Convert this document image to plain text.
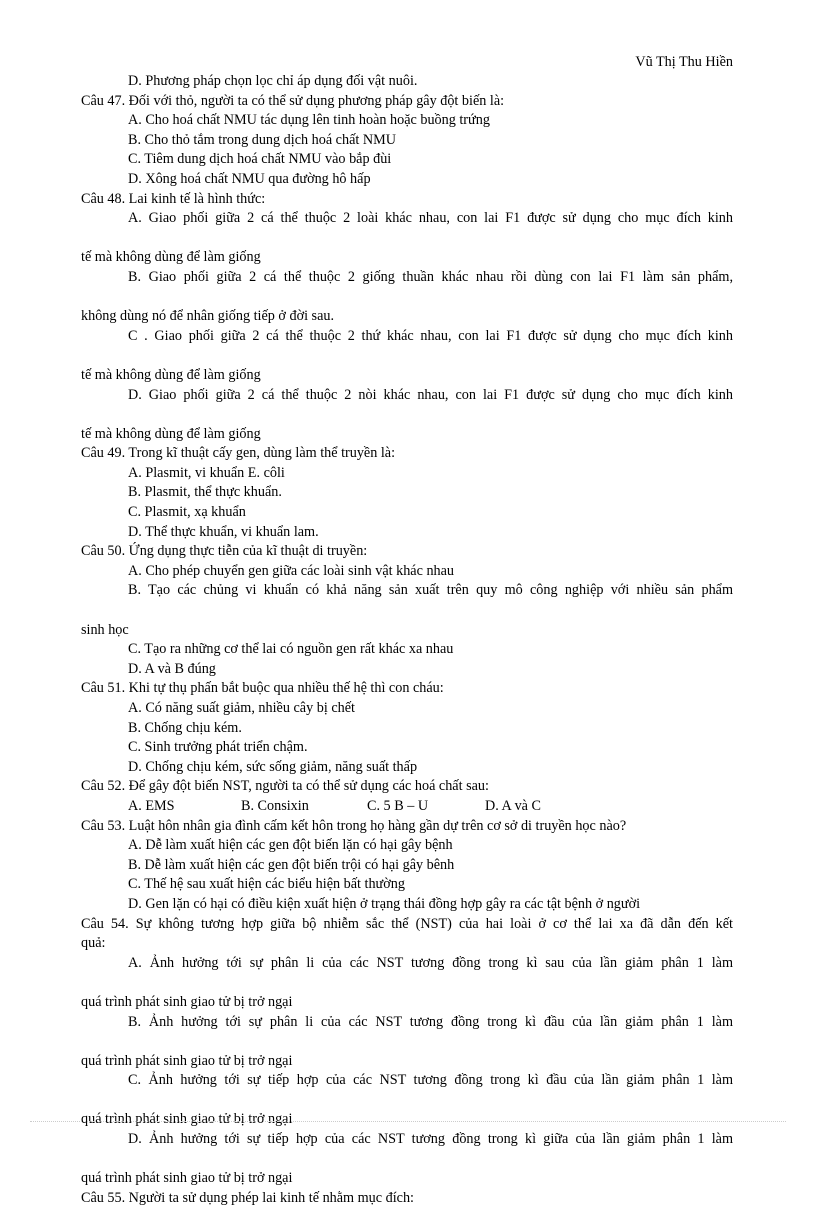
Vũ Thị Thu Hiền

D. Phương pháp chọn lọc chỉ áp dụng đối vật nuôi.

Câu 47. Đối với thỏ, người ta có thể sử dụng phương pháp gây đột biến là:

A. Cho hoá chất NMU tác dụng lên tinh hoàn hoặc buồng trứng

B. Cho thỏ tắm trong dung dịch hoá chất NMU

C. Tiêm dung dịch hoá chất NMU vào bắp đùi

D. Xông hoá chất NMU qua đường hô hấp

Câu 48. Lai kinh tế là hình thức:

A. Giao phối giữa 2 cá thể thuộc 2 loài khác nhau, con lai F1 được sử dụng cho mục đích kinh

tế mà không dùng để làm giống

B. Giao phối giữa 2 cá thể thuộc 2 giống thuần khác nhau rồi dùng con lai F1 làm sản phẩm,

không dùng nó để nhân giống tiếp ở đời sau.

C . Giao phối giữa 2 cá thể thuộc 2 thứ khác nhau, con lai F1 được sử dụng cho mục đích kinh

tế mà không dùng để làm giống

D. Giao phối giữa 2 cá thể thuộc 2 nòi khác nhau, con lai F1 được sử dụng cho mục đích kinh

tế mà không dùng để làm giống

Câu 49. Trong kĩ thuật cấy gen, dùng làm thể truyền là:

A. Plasmit, vi khuẩn E. côli

B. Plasmit, thể thực khuẩn.

C. Plasmit, xạ khuẩn

D. Thể thực khuẩn, vi khuẩn lam.

Câu 50. Ứng dụng thực tiễn của kĩ thuật di truyền:

A. Cho phép chuyển gen giữa các loài sinh vật khác nhau

B. Tạo các chủng vi khuẩn có khả năng sản xuất trên quy mô công nghiệp với nhiều sản phẩm

sinh học

C. Tạo ra những cơ thể lai có nguồn gen rất khác xa nhau

D. A và B đúng

Câu 51. Khi tự thụ phấn bắt buộc qua nhiều thế hệ thì con cháu:

A. Có năng suất giảm, nhiều cây bị chết

B. Chống chịu kém.

C. Sinh trưởng phát triển chậm.

D. Chống chịu kém, sức sống giảm, năng suất thấp

Câu 52. Để gây đột biến NST, người ta có thể sử dụng các hoá chất sau:

A. EMS	B. Consixin	C. 5 B – U	D. A và C

Câu 53. Luật hôn nhân gia đình cấm kết hôn trong họ hàng gần dự trên cơ sở di truyền học nào?

A. Dễ làm xuất hiện các gen đột biến lặn có hại gây bệnh

B. Dễ làm xuất hiện các gen đột biến trội có hại gây bênh

C. Thế hệ sau xuất hiện các biểu hiện bất thường

D. Gen lặn có hại có điều kiện xuất hiện ở trạng thái đồng hợp gây ra các tật bệnh ở người

Câu 54. Sự không tương hợp giữa bộ nhiễm sắc thể (NST) của hai loài ở cơ thể lai xa đã dẫn đến kết

quả:

A. Ảnh hưởng tới sự phân li của các NST tương đồng trong kì sau của lần giảm phân 1 làm

quá trình phát sinh giao tử bị trở ngại

B. Ảnh hưởng tới sự phân li của các NST tương đồng trong kì đầu của lần giảm phân 1 làm

quá trình phát sinh giao tử bị trở ngại

C. Ảnh hưởng tới sự tiếp hợp của các NST tương đồng trong kì đầu của lần giảm phân 1 làm

quá trình phát sinh giao tử bị trở ngại

D. Ảnh hưởng tới sự tiếp hợp của các NST tương đồng trong kì giữa của lần giảm phân 1 làm

quá trình phát sinh giao tử bị trở ngại

Câu 55. Người ta sử dụng phép lai kinh tế nhằm mục đích:
